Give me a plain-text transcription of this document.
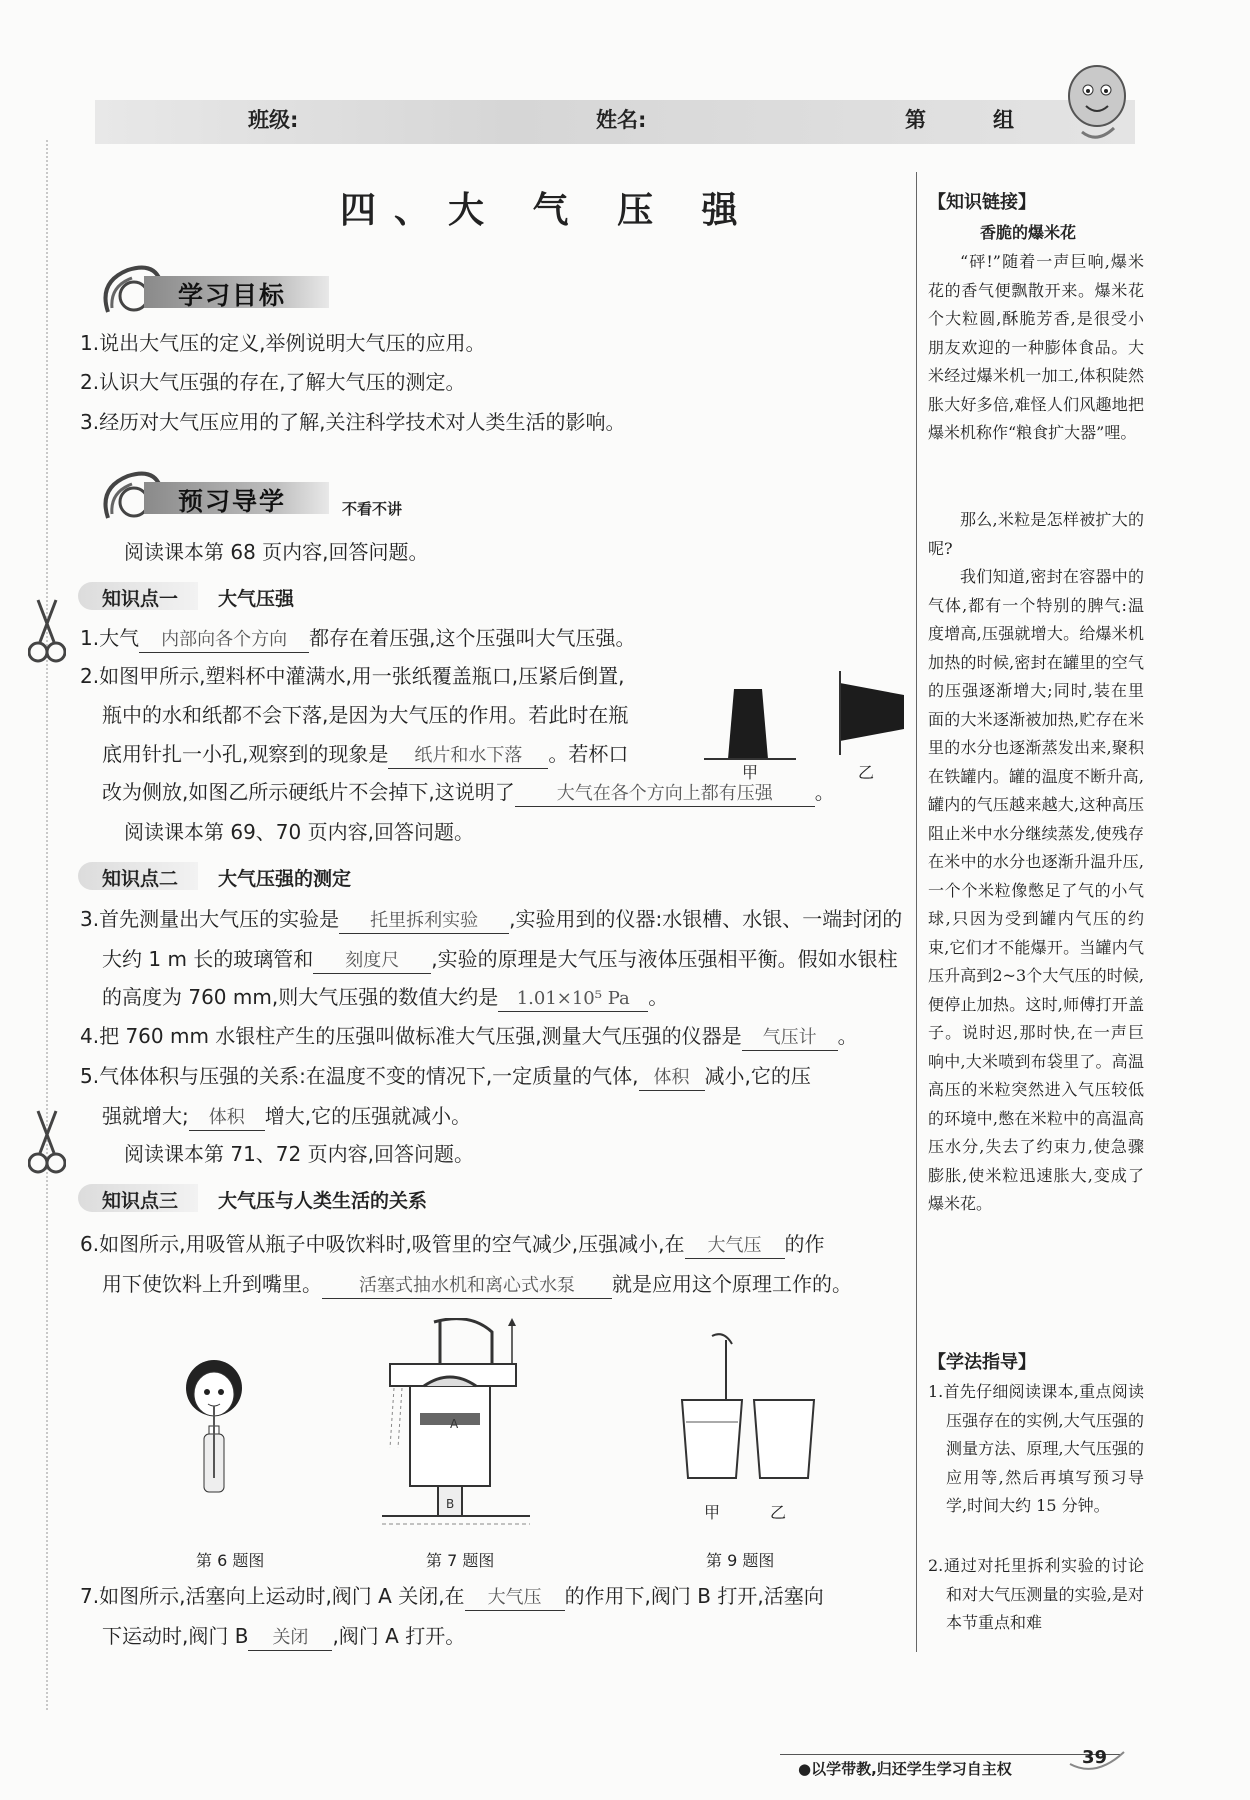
班级:	姓名:	第	组
四、大 气 压 强
学习目标
1.说出大气压的定义,举例说明大气压的应用。
2.认识大气压强的存在,了解大气压的测定。
3.经历对大气压应用的了解,关注科学技术对人类生活的影响。
预习导学	不看不讲
阅读课本第 68 页内容,回答问题。
知识点一 大气压强
1.大气 内部向各个方向 都存在着压强,这个压强叫大气压强。
2.如图甲所示,塑料杯中灌满水,用一张纸覆盖瓶口,压紧后倒置,
瓶中的水和纸都不会下落,是因为大气压的作用。若此时在瓶
底用针扎一小孔,观察到的现象是 纸片和水下落 。若杯口
改为侧放,如图乙所示硬纸片不会掉下,这说明了 大气在各个方向上都有压强 。
甲	乙
阅读课本第 69、70 页内容,回答问题。
知识点二 大气压强的测定
3.首先测量出大气压的实验是 托里拆利实验 ,实验用到的仪器:水银槽、水银、一端封闭的
大约 1 m 长的玻璃管和 刻度尺 ,实验的原理是大气压与液体压强相平衡。假如水银柱
的高度为 760 mm,则大气压强的数值大约是 1.01×10⁵ Pa 。
4.把 760 mm 水银柱产生的压强叫做标准大气压强,测量大气压强的仪器是 气压计 。
5.气体体积与压强的关系:在温度不变的情况下,一定质量的气体, 体积 减小,它的压
强就增大; 体积 增大,它的压强就减小。
阅读课本第 71、72 页内容,回答问题。
知识点三 大气压与人类生活的关系
6.如图所示,用吸管从瓶子中吸饮料时,吸管里的空气减少,压强减小,在 大气压 的作
用下使饮料上升到嘴里。 活塞式抽水机和离心式水泵 就是应用这个原理工作的。
第 6 题图
A
B
第 7 题图
甲	乙
第 9 题图
7.如图所示,活塞向上运动时,阀门 A 关闭,在 大气压 的作用下,阀门 B 打开,活塞向
下运动时,阀门 B 关闭 ,阀门 A 打开。
【知识链接】
香脆的爆米花
“砰!”随着一声巨响,爆米花的香气便飘散开来。爆米花个大粒圆,酥脆芳香,是很受小朋友欢迎的一种膨体食品。大米经过爆米机一加工,体积陡然胀大好多倍,难怪人们风趣地把爆米机称作“粮食扩大器”哩。
那么,米粒是怎样被扩大的呢?
我们知道,密封在容器中的气体,都有一个特别的脾气:温度增高,压强就增大。给爆米机加热的时候,密封在罐里的空气的压强逐渐增大;同时,装在里面的大米逐渐被加热,贮存在米里的水分也逐渐蒸发出来,聚积在铁罐内。罐的温度不断升高,罐内的气压越来越大,这种高压阻止米中水分继续蒸发,使残存在米中的水分也逐渐升温升压,一个个米粒像憋足了气的小气球,只因为受到罐内气压的约束,它们才不能爆开。当罐内气压升高到2~3个大气压的时候,便停止加热。这时,师傅打开盖子。说时迟,那时快,在一声巨响中,大米喷到布袋里了。高温高压的米粒突然进入气压较低的环境中,憋在米粒中的高温高压水分,失去了约束力,使急骤膨胀,使米粒迅速胀大,变成了爆米花。
【学法指导】
1.首先仔细阅读课本,重点阅读压强存在的实例,大气压强的测量方法、原理,大气压强的应用等,然后再填写预习导学,时间大约 15 分钟。
2.通过对托里拆利实验的讨论和对大气压测量的实验,是对本节重点和难
●以学带教,归还学生学习自主权
39
